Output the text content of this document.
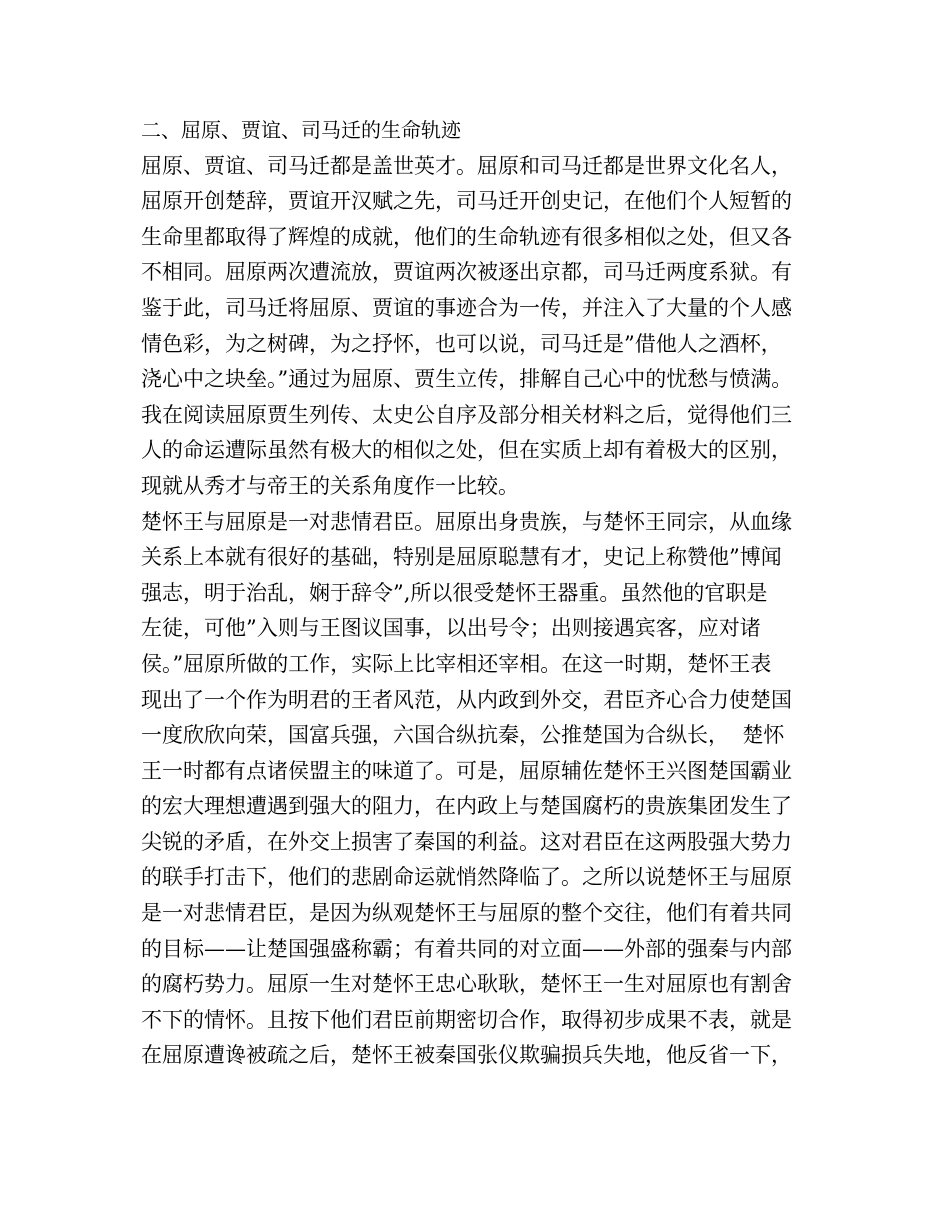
二、屈原、贾谊、司马迁的生命轨迹
屈原、贾谊、司马迁都是盖世英才。屈原和司马迁都是世界文化名人，
屈原开创楚辞，贾谊开汉赋之先，司马迁开创史记，在他们个人短暂的
生命里都取得了辉煌的成就，他们的生命轨迹有很多相似之处，但又各
不相同。屈原两次遭流放，贾谊两次被逐出京都，司马迁两度系狱。有
鉴于此，司马迁将屈原、贾谊的事迹合为一传，并注入了大量的个人感
情色彩，为之树碑，为之抒怀，也可以说，司马迁是”借他人之酒杯，
浇心中之块垒。”通过为屈原、贾生立传，排解自己心中的忧愁与愤满。
我在阅读屈原贾生列传、太史公自序及部分相关材料之后，觉得他们三
人的命运遭际虽然有极大的相似之处，但在实质上却有着极大的区别，
现就从秀才与帝王的关系角度作一比较。
楚怀王与屈原是一对悲情君臣。屈原出身贵族，与楚怀王同宗，从血缘
关系上本就有很好的基础，特别是屈原聪慧有才，史记上称赞他”博闻
强志，明于治乱，娴于辞令”,所以很受楚怀王器重。虽然他的官职是
左徒，可他”入则与王图议国事，以出号令；出则接遇宾客，应对诸
侯。”屈原所做的工作，实际上比宰相还宰相。在这一时期，楚怀王表
现出了一个作为明君的王者风范，从内政到外交，君臣齐心合力使楚国
一度欣欣向荣，国富兵强，六国合纵抗秦，公推楚国为合纵长，  楚怀
王一时都有点诸侯盟主的味道了。可是，屈原辅佐楚怀王兴图楚国霸业
的宏大理想遭遇到强大的阻力，在内政上与楚国腐朽的贵族集团发生了
尖锐的矛盾，在外交上损害了秦国的利益。这对君臣在这两股强大势力
的联手打击下，他们的悲剧命运就悄然降临了。之所以说楚怀王与屈原
是一对悲情君臣，是因为纵观楚怀王与屈原的整个交往，他们有着共同
的目标——让楚国强盛称霸；有着共同的对立面——外部的强秦与内部
的腐朽势力。屈原一生对楚怀王忠心耿耿，楚怀王一生对屈原也有割舍
不下的情怀。且按下他们君臣前期密切合作，取得初步成果不表，就是
在屈原遭谗被疏之后，楚怀王被秦国张仪欺骗损兵失地，他反省一下，
